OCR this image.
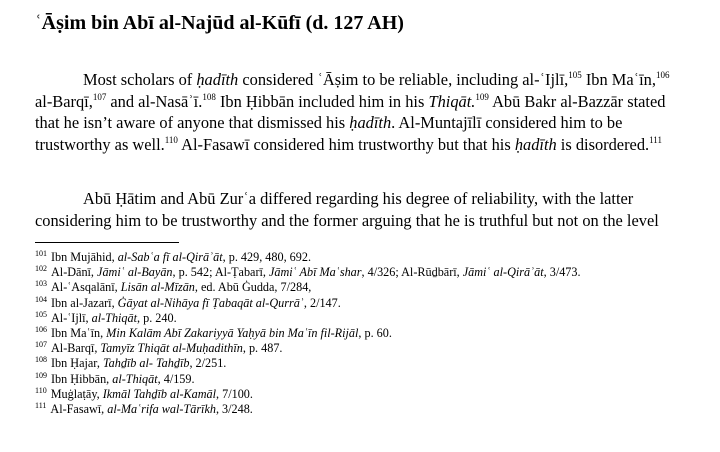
ʿĀṣim bin Abī al-Najūd al-Kūfī (d. 127 AH)

Most scholars of ḥadīth considered ʿĀṣim to be reliable, including al-ʿIjlī,$^{105}$ Ibn Maʿīn,$^{106}$ al-Barqī,$^{107}$ and al-Nasāʾī.$^{108}$ Ibn Ḥibbān included him in his Thiqāt.$^{109}$ Abū Bakr al-Bazzār stated that he isn’t aware of anyone that dismissed his ḥadīth. Al-Muntajīlī considered him to be trustworthy as well.$^{110}$ Al-Fasawī considered him trustworthy but that his ḥadīth is disordered.$^{111}$

Abū Ḥātim and Abū Zurʿa differed regarding his degree of reliability, with the latter considering him to be trustworthy and the former arguing that he is truthful but not on the level

$^{101}$ Ibn Mujāhid, al-Sabʿa fī al-Qirāʾāt, p. 429, 480, 692.
$^{102}$ Al-Dānī, Jāmiʿ al-Bayān, p. 542; Al-Ṭabarī, Jāmiʿ Abī Maʿshar, 4/326; Al-Rūḏbārī, Jāmiʿ al-Qirāʾāt, 3/473.
$^{103}$ Al-ʿAsqalānī, Lisān al-Mīzān, ed. Abū Ġudda, 7/284,
$^{104}$ Ibn al-Jazarī, Ġāyat al-Nihāya fī Ṭabaqāt al-Qurrāʾ, 2/147.
$^{105}$ Al-ʿIjlī, al-Thiqāt, p. 240.
$^{106}$ Ibn Maʿīn, Min Kalām Abī Zakariyyā Yaḥyā bin Maʿīn fil-Rijāl, p. 60.
$^{107}$ Al-Barqī, Tamyīz Thiqāt al-Muḥadithīn, p. 487.
$^{108}$ Ibn Ḥajar, Tahḏīb al- Tahḏīb, 2/251.
$^{109}$ Ibn Ḥibbān, al-Thiqāt, 4/159.
$^{110}$ Muġlaṭāy, Ikmāl Tahḏīb al-Kamāl, 7/100.
$^{111}$ Al-Fasawī, al-Maʿrifa wal-Tārīkh, 3/248.
